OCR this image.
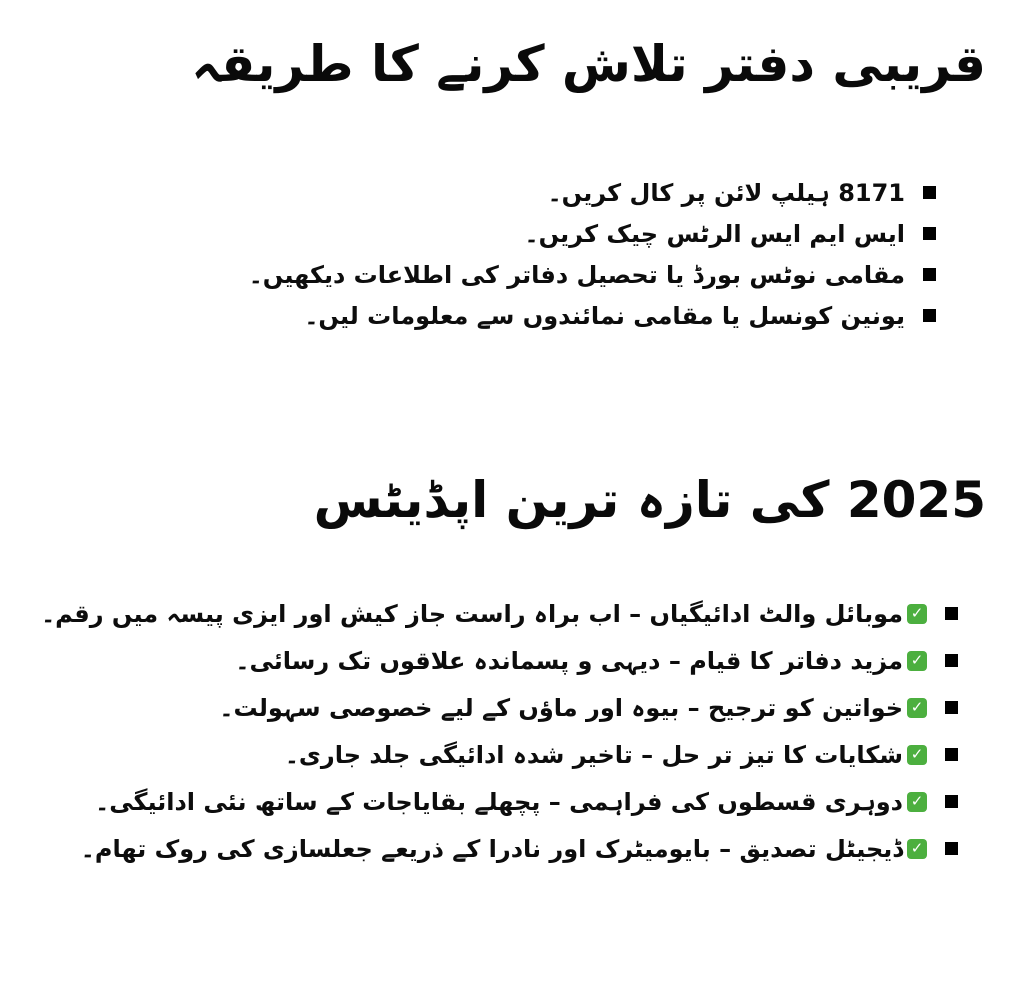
قریبی دفتر تلاش کرنے کا طریقہ
8171 ہیلپ لائن پر کال کریں۔
ایس ایم ایس الرٹس چیک کریں۔
مقامی نوٹس بورڈ یا تحصیل دفاتر کی اطلاعات دیکھیں۔
یونین کونسل یا مقامی نمائندوں سے معلومات لیں۔
2025 کی تازہ ترین اپڈیٹس
✓
موبائل والٹ ادائیگیاں – اب براہ راست جاز کیش اور ایزی پیسہ میں رقم۔
✓
مزید دفاتر کا قیام – دیہی و پسماندہ علاقوں تک رسائی۔
✓
خواتین کو ترجیح – بیوہ اور ماؤں کے لیے خصوصی سہولت۔
✓
شکایات کا تیز تر حل – تاخیر شدہ ادائیگی جلد جاری۔
✓
دوہری قسطوں کی فراہمی – پچھلے بقایاجات کے ساتھ نئی ادائیگی۔
✓
ڈیجیٹل تصدیق – بایومیٹرک اور نادرا کے ذریعے جعلسازی کی روک تھام۔
